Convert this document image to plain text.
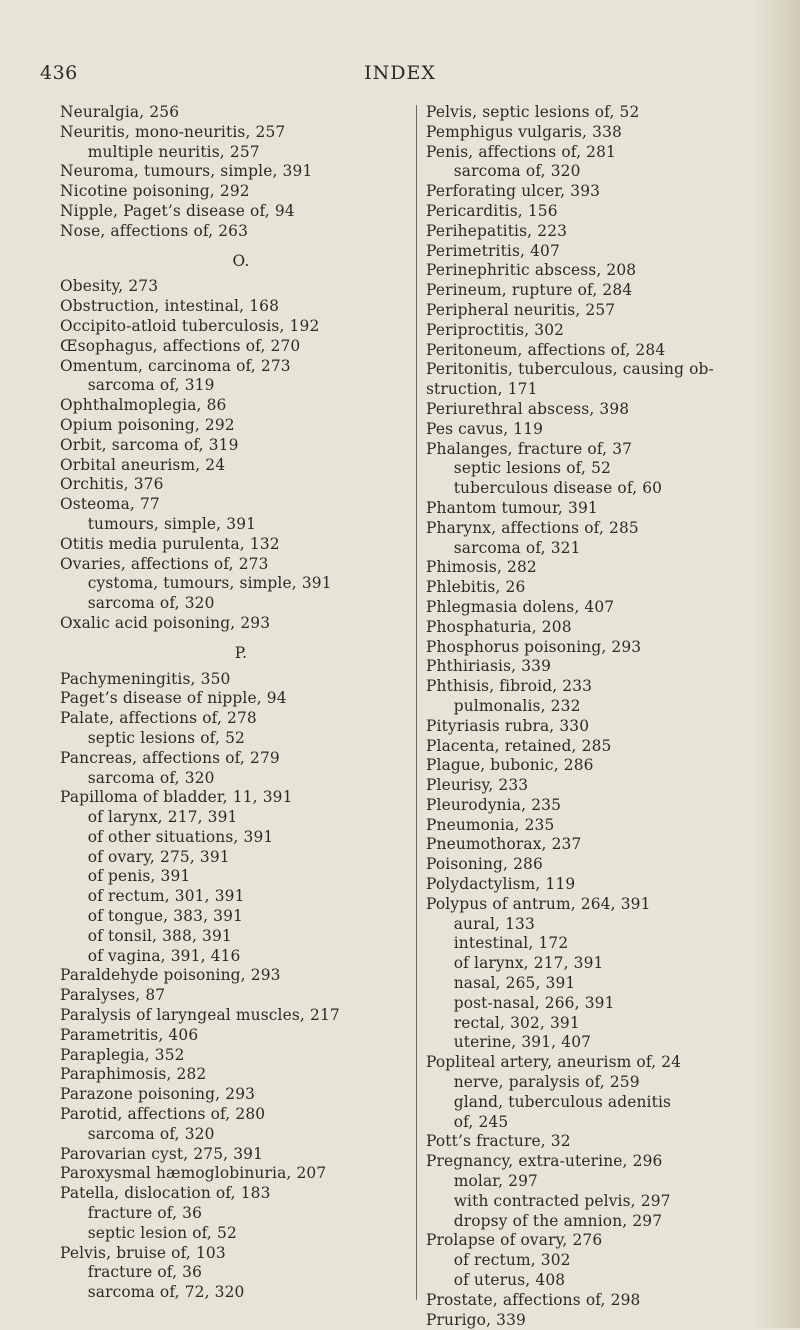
436	INDEX
Neuralgia, 256
Neuritis, mono-neuritis, 257
multiple neuritis, 257
Neuroma, tumours, simple, 391
Nicotine poisoning, 292
Nipple, Paget’s disease of, 94
Nose, affections of, 263
O.
Obesity, 273
Obstruction, intestinal, 168
Occipito-atloid tuberculosis, 192
Œsophagus, affections of, 270
Omentum, carcinoma of, 273
sarcoma of, 319
Ophthalmoplegia, 86
Opium poisoning, 292
Orbit, sarcoma of, 319
Orbital aneurism, 24
Orchitis, 376
Osteoma, 77
tumours, simple, 391
Otitis media purulenta, 132
Ovaries, affections of, 273
cystoma, tumours, simple, 391
sarcoma of, 320
Oxalic acid poisoning, 293
P.
Pachymeningitis, 350
Paget’s disease of nipple, 94
Palate, affections of, 278
septic lesions of, 52
Pancreas, affections of, 279
sarcoma of, 320
Papilloma of bladder, 11, 391
of larynx, 217, 391
of other situations, 391
of ovary, 275, 391
of penis, 391
of rectum, 301, 391
of tongue, 383, 391
of tonsil, 388, 391
of vagina, 391, 416
Paraldehyde poisoning, 293
Paralyses, 87
Paralysis of laryngeal muscles, 217
Parametritis, 406
Paraplegia, 352
Paraphimosis, 282
Parazone poisoning, 293
Parotid, affections of, 280
sarcoma of, 320
Parovarian cyst, 275, 391
Paroxysmal hæmoglobinuria, 207
Patella, dislocation of, 183
fracture of, 36
septic lesion of, 52
Pelvis, bruise of, 103
fracture of, 36
sarcoma of, 72, 320
Pelvis, septic lesions of, 52
Pemphigus vulgaris, 338
Penis, affections of, 281
sarcoma of, 320
Perforating ulcer, 393
Pericarditis, 156
Perihepatitis, 223
Perimetritis, 407
Perinephritic abscess, 208
Perineum, rupture of, 284
Peripheral neuritis, 257
Periproctitis, 302
Peritoneum, affections of, 284
Peritonitis, tuberculous, causing ob-
struction, 171
Periurethral abscess, 398
Pes cavus, 119
Phalanges, fracture of, 37
septic lesions of, 52
tuberculous disease of, 60
Phantom tumour, 391
Pharynx, affections of, 285
sarcoma of, 321
Phimosis, 282
Phlebitis, 26
Phlegmasia dolens, 407
Phosphaturia, 208
Phosphorus poisoning, 293
Phthiriasis, 339
Phthisis, fibroid, 233
pulmonalis, 232
Pityriasis rubra, 330
Placenta, retained, 285
Plague, bubonic, 286
Pleurisy, 233
Pleurodynia, 235
Pneumonia, 235
Pneumothorax, 237
Poisoning, 286
Polydactylism, 119
Polypus of antrum, 264, 391
aural, 133
intestinal, 172
of larynx, 217, 391
nasal, 265, 391
post-nasal, 266, 391
rectal, 302, 391
uterine, 391, 407
Popliteal artery, aneurism of, 24
nerve, paralysis of, 259
gland, tuberculous adenitis
of, 245
Pott’s fracture, 32
Pregnancy, extra-uterine, 296
molar, 297
with contracted pelvis, 297
dropsy of the amnion, 297
Prolapse of ovary, 276
of rectum, 302
of uterus, 408
Prostate, affections of, 298
Prurigo, 339
